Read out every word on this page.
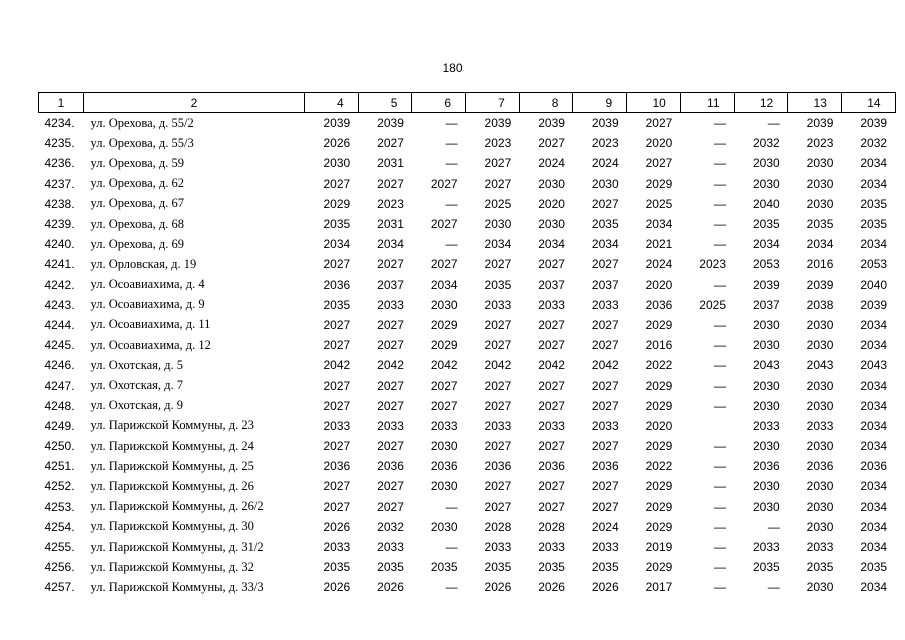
180
1	2	4	5	6	7	8	9	10	11	12	13	14
4234.	ул. Орехова, д. 55/2	2039	2039	—	2039	2039	2039	2027	—	—	2039	2039
4235.	ул. Орехова, д. 55/3	2026	2027	—	2023	2027	2023	2020	—	2032	2023	2032
4236.	ул. Орехова, д. 59	2030	2031	—	2027	2024	2024	2027	—	2030	2030	2034
4237.	ул. Орехова, д. 62	2027	2027	2027	2027	2030	2030	2029	—	2030	2030	2034
4238.	ул. Орехова, д. 67	2029	2023	—	2025	2020	2027	2025	—	2040	2030	2035
4239.	ул. Орехова, д. 68	2035	2031	2027	2030	2030	2035	2034	—	2035	2035	2035
4240.	ул. Орехова, д. 69	2034	2034	—	2034	2034	2034	2021	—	2034	2034	2034
4241.	ул. Орловская, д. 19	2027	2027	2027	2027	2027	2027	2024	2023	2053	2016	2053
4242.	ул. Осоавиахима, д. 4	2036	2037	2034	2035	2037	2037	2020	—	2039	2039	2040
4243.	ул. Осоавиахима, д. 9	2035	2033	2030	2033	2033	2033	2036	2025	2037	2038	2039
4244.	ул. Осоавиахима, д. 11	2027	2027	2029	2027	2027	2027	2029	—	2030	2030	2034
4245.	ул. Осоавиахима, д. 12	2027	2027	2029	2027	2027	2027	2016	—	2030	2030	2034
4246.	ул. Охотская, д. 5	2042	2042	2042	2042	2042	2042	2022	—	2043	2043	2043
4247.	ул. Охотская, д. 7	2027	2027	2027	2027	2027	2027	2029	—	2030	2030	2034
4248.	ул. Охотская, д. 9	2027	2027	2027	2027	2027	2027	2029	—	2030	2030	2034
4249.	ул. Парижской Коммуны, д. 23	2033	2033	2033	2033	2033	2033	2020		2033	2033	2034
4250.	ул. Парижской Коммуны, д. 24	2027	2027	2030	2027	2027	2027	2029	—	2030	2030	2034
4251.	ул. Парижской Коммуны, д. 25	2036	2036	2036	2036	2036	2036	2022	—	2036	2036	2036
4252.	ул. Парижской Коммуны, д. 26	2027	2027	2030	2027	2027	2027	2029	—	2030	2030	2034
4253.	ул. Парижской Коммуны, д. 26/2	2027	2027	—	2027	2027	2027	2029	—	2030	2030	2034
4254.	ул. Парижской Коммуны, д. 30	2026	2032	2030	2028	2028	2024	2029	—	—	2030	2034
4255.	ул. Парижской Коммуны, д. 31/2	2033	2033	—	2033	2033	2033	2019	—	2033	2033	2034
4256.	ул. Парижской Коммуны, д. 32	2035	2035	2035	2035	2035	2035	2029	—	2035	2035	2035
4257.	ул. Парижской Коммуны, д. 33/3	2026	2026	—	2026	2026	2026	2017	—	—	2030	2034
